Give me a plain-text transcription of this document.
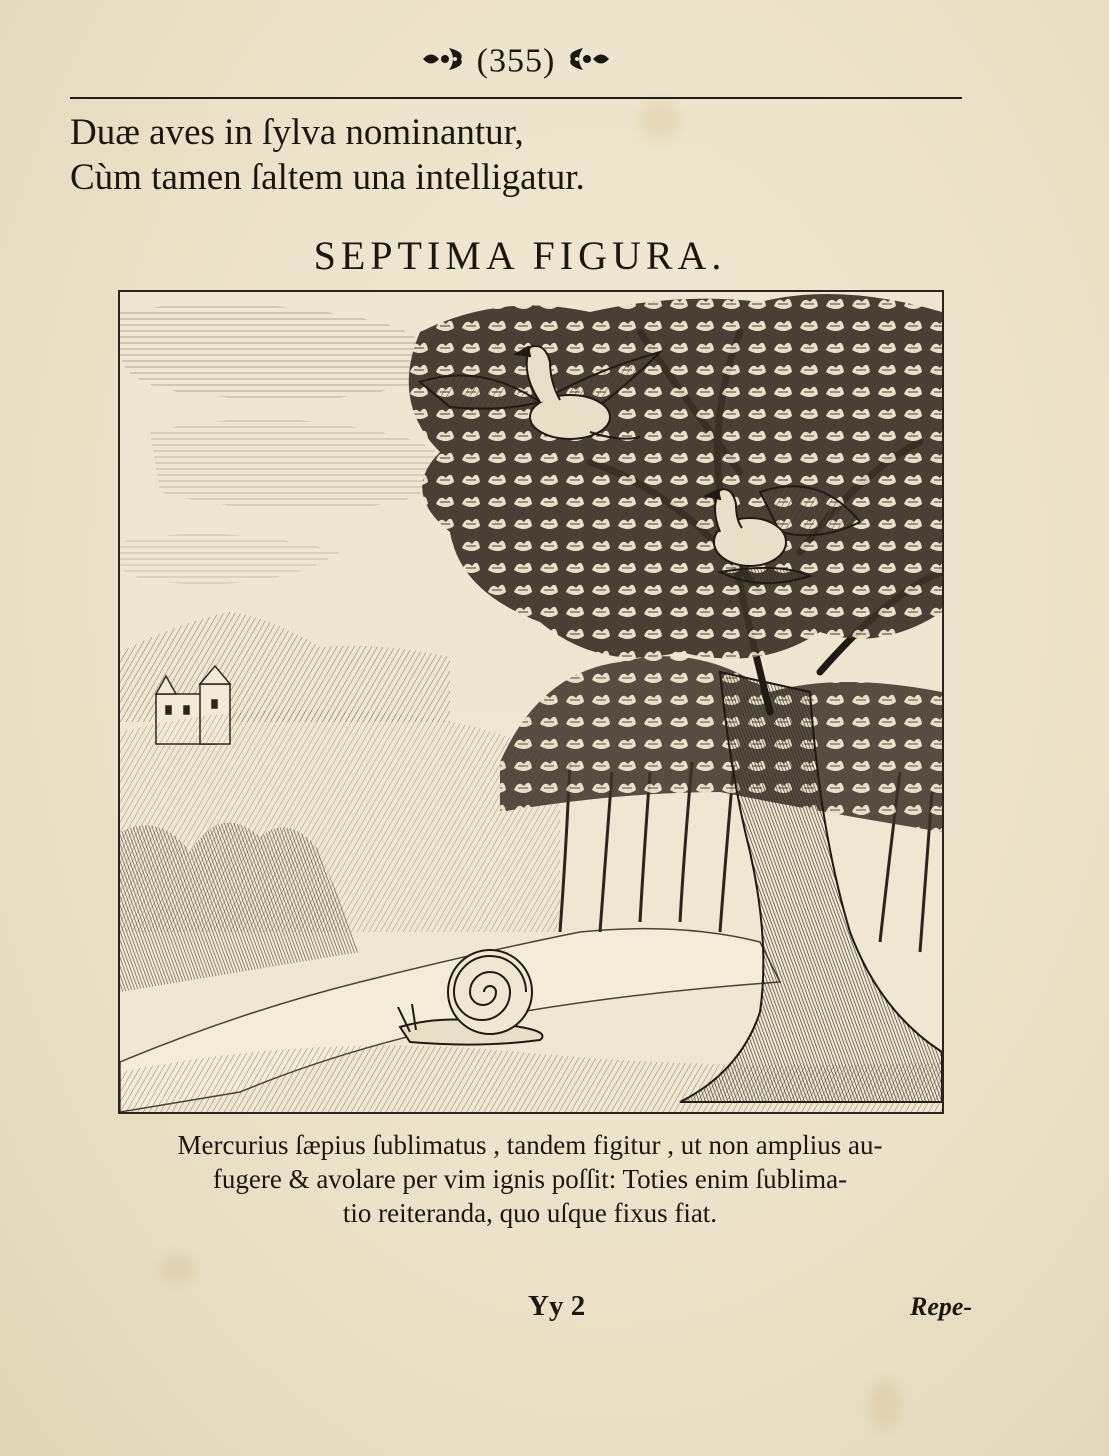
(355)
Duæ aves in ſylva nominantur,
Cùm tamen ſaltem una intelligatur.
SEPTIMA FIGURA.
Mercurius ſæpius ſublimatus , tandem figitur , ut non amplius au-
fugere & avolare per vim ignis poſſit: Toties enim ſublima-
tio reiteranda, quo uſque fixus fiat.
Yy 2	Repe-
